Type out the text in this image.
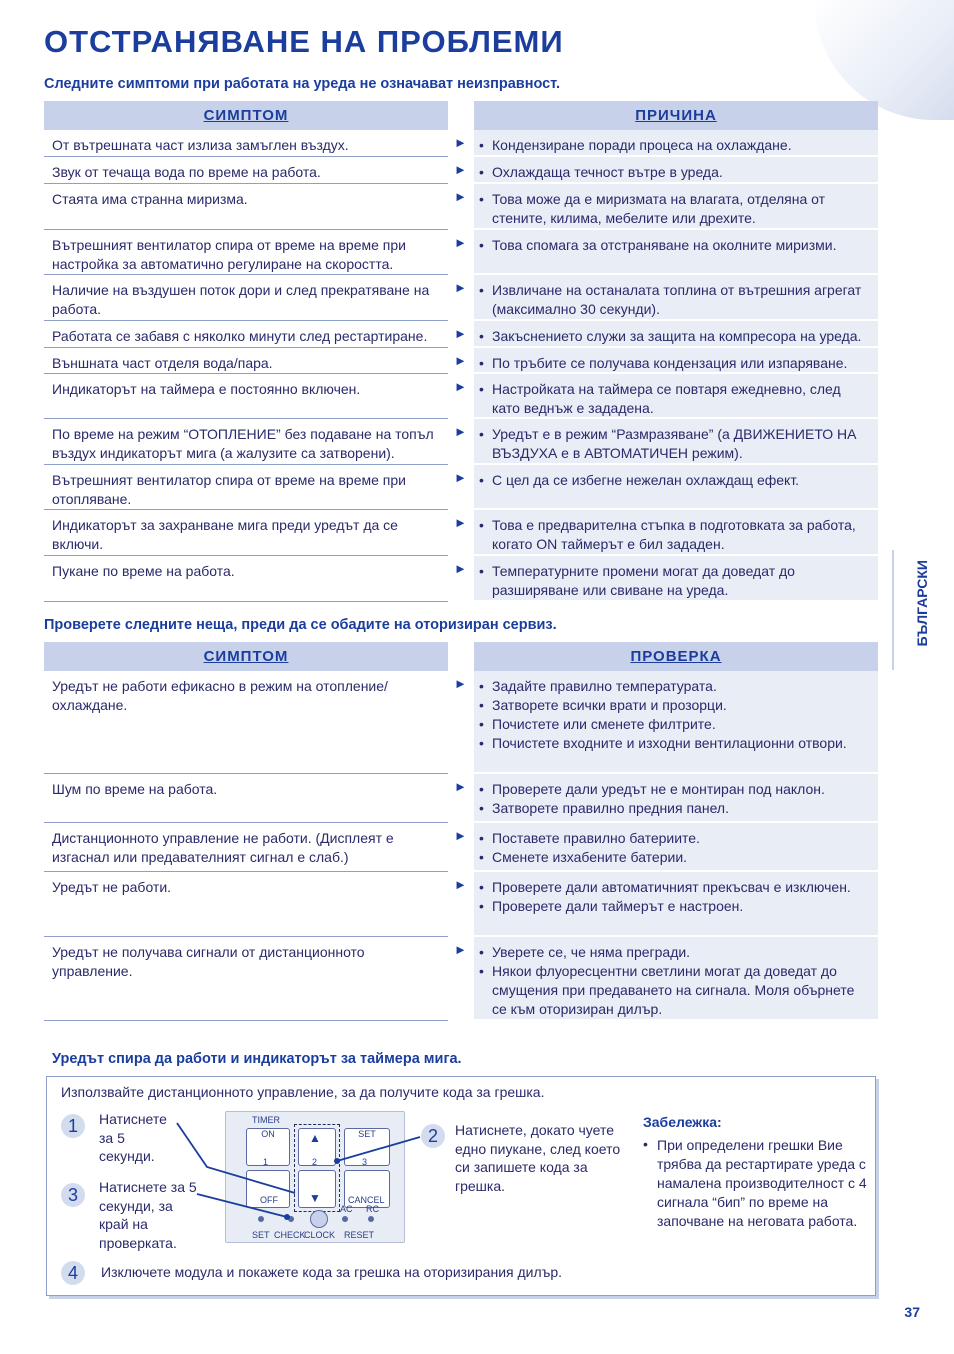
ОТСТРАНЯВАНЕ НА ПРОБЛЕМИ

Следните симптоми при работата на уреда не означават неизправност.

СИМПТОМ	ПРИЧИНА
От вътрешната част излиза замъглен въздух.	► • Кондензиране поради процеса на охлаждане.
Звук от течаща вода по време на работа.	► • Охлаждаща течност вътре в уреда.
Стаята има странна миризма.	► • Това може да е миризмата на влагата, отделяна от стените, килима, мебелите или дрехите.
Вътрешният вентилатор спира от време на време при настройка за автоматично регулиране на скоростта.
► • Това спомага за отстраняване на околните миризми.
Наличие на въздушен поток дори и след прекратяване на работа.
► • Извличане на останалата топлина от вътрешния агрегат (максимално 30 секунди).
Работата се забавя с няколко минути след рестартиране.	► • Закъснението служи за защита на компресора на уреда.
Външната част отделя вода/пара.	► • По тръбите се получава кондензация или изпаряване.
Индикаторът на таймера е постоянно включен.	► • Настройката на таймера се повтаря ежедневно, след като веднъж е зададена.
По време на режим “ОТОПЛЕНИЕ” без подаване на топъл въздух индикаторът мига (а жалузите са затворени).
► • Уредът е в режим “Размразяване” (а ДВИЖЕНИЕТО НА ВЪЗДУХА е в АВТОМАТИЧЕН режим).
Вътрешният вентилатор спира от време на време при отопляване.
► • С цел да се избегне нежелан охлаждащ ефект.
Индикаторът за захранване мига преди уредът да се включи.
► • Това е предварителна стъпка в подготовката за работа, когато ON таймерът е бил зададен.
Пукане по време на работа.	► • Температурните промени могат да доведат до разширяване или свиване на уреда.

Проверете следните неща, преди да се обадите на оторизиран сервиз.

СИМПТОМ	ПРОВЕРКА
Уредът не работи ефикасно в режим на отопление/ охлаждане.
► • Задайте правилно температурата.
• Затворете всички врати и прозорци.
• Почистете или сменете филтрите.
• Почистете входните и изходни вентилационни отвори.
Шум по време на работа.	► • Проверете дали уредът не е монтиран под наклон.
• Затворете правилно предния панел.
Дистанционното управление не работи. (Дисплеят е изгаснал или предавателният сигнал е слаб.)
► • Поставете правилно батериите.
• Сменете изхабените батерии.
Уредът не работи.	► • Проверете дали автоматичният прекъсвач е изключен.
• Проверете дали таймерът е настроен.
Уредът не получава сигнали от дистанционното управление.
► • Уверете се, че няма прегради.
• Някои флуоресцентни светлини могат да доведат до смущения при предаването на сигнала. Моля обърнете се към оторизиран дилър.
БЪЛГАРСКИ

Уредът спира да работи и индикаторът за таймера мига.

Използвайте дистанционното управление, за да получите кода за грешка.
1	Натиснете за 5 секунди.
3	Натиснете за 5 секунди, за край на проверката.
2	Натиснете, докато чуете едно пиукане, след което си запишете кода за грешка.
4	Изключете модула и покажете кода за грешка на оторизирания дилър.
TIMER
ON
1
OFF
▲
2
▼
SET
3
CANCEL
AC RC
SET CHECK
CLOCK RESET
Забележка:
• При определени грешки Вие трябва да рестартирате уреда с намалена производителност с 4 сигнала “бип” по време на започване на неговата работа.
37
